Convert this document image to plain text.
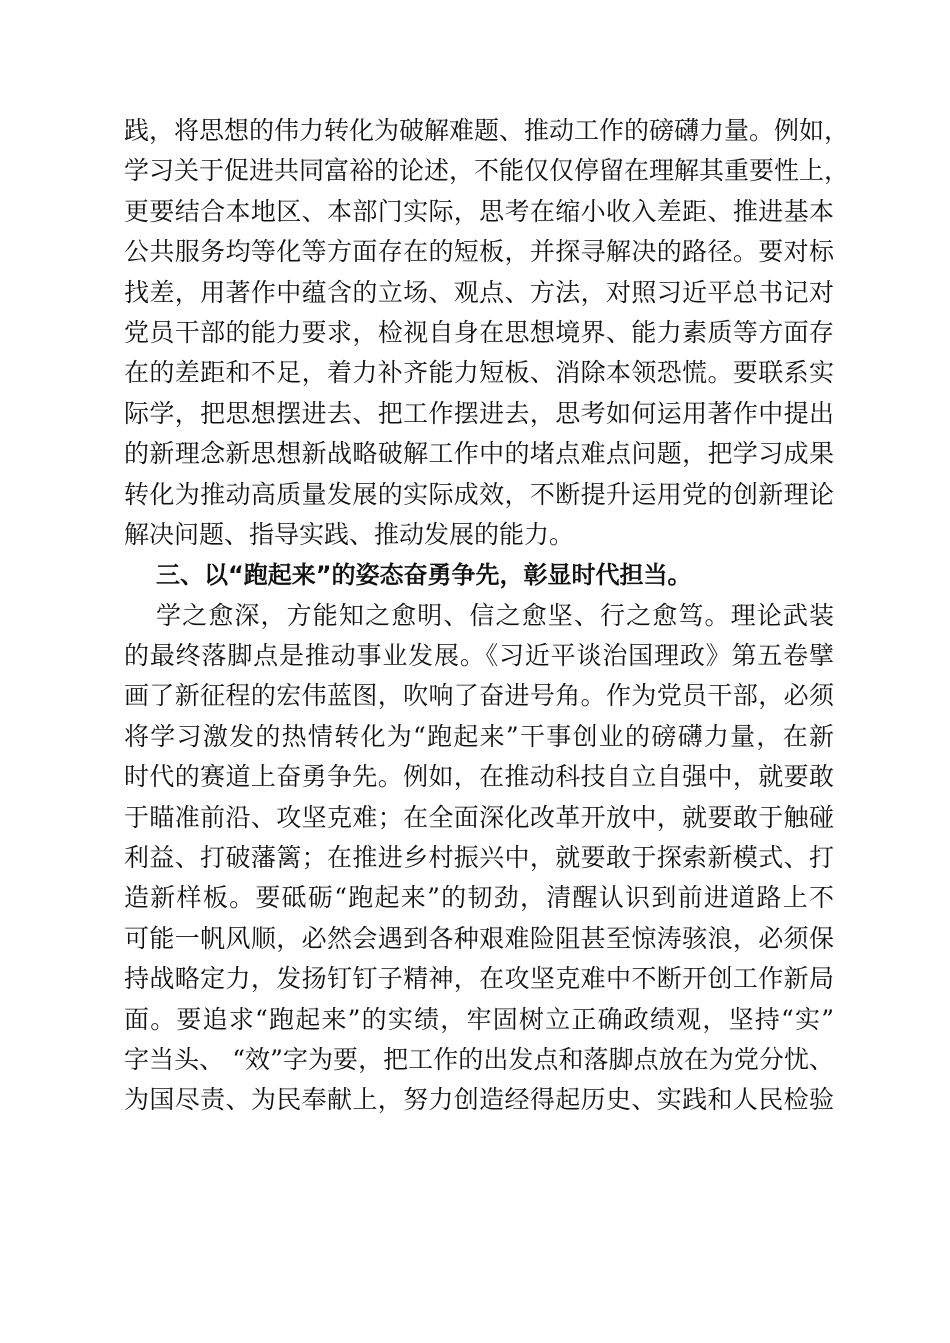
践，将思想的伟力转化为破解难题、推动工作的磅礴力量。例如，
学习关于促进共同富裕的论述，不能仅仅停留在理解其重要性上，
更要结合本地区、本部门实际，思考在缩小收入差距、推进基本
公共服务均等化等方面存在的短板，并探寻解决的路径。要对标
找差，用著作中蕴含的立场、观点、方法，对照习近平总书记对
党员干部的能力要求，检视自身在思想境界、能力素质等方面存
在的差距和不足，着力补齐能力短板、消除本领恐慌。要联系实
际学，把思想摆进去、把工作摆进去，思考如何运用著作中提出
的新理念新思想新战略破解工作中的堵点难点问题，把学习成果
转化为推动高质量发展的实际成效，不断提升运用党的创新理论
解决问题、指导实践、推动发展的能力。
三、以“跑起来”的姿态奋勇争先，彰显时代担当。
学之愈深，方能知之愈明、信之愈坚、行之愈笃。理论武装
的最终落脚点是推动事业发展。《习近平谈治国理政》第五卷擘
画了新征程的宏伟蓝图，吹响了奋进号角。作为党员干部，必须
将学习激发的热情转化为“跑起来”干事创业的磅礴力量，在新
时代的赛道上奋勇争先。例如，在推动科技自立自强中，就要敢
于瞄准前沿、攻坚克难；在全面深化改革开放中，就要敢于触碰
利益、打破藩篱；在推进乡村振兴中，就要敢于探索新模式、打
造新样板。要砥砺“跑起来”的韧劲，清醒认识到前进道路上不
可能一帆风顺，必然会遇到各种艰难险阻甚至惊涛骇浪，必须保
持战略定力，发扬钉钉子精神，在攻坚克难中不断开创工作新局
面。要追求“跑起来”的实绩，牢固树立正确政绩观，坚持“实”
字当头、 “效”字为要，把工作的出发点和落脚点放在为党分忧、
为国尽责、为民奉献上，努力创造经得起历史、实践和人民检验
